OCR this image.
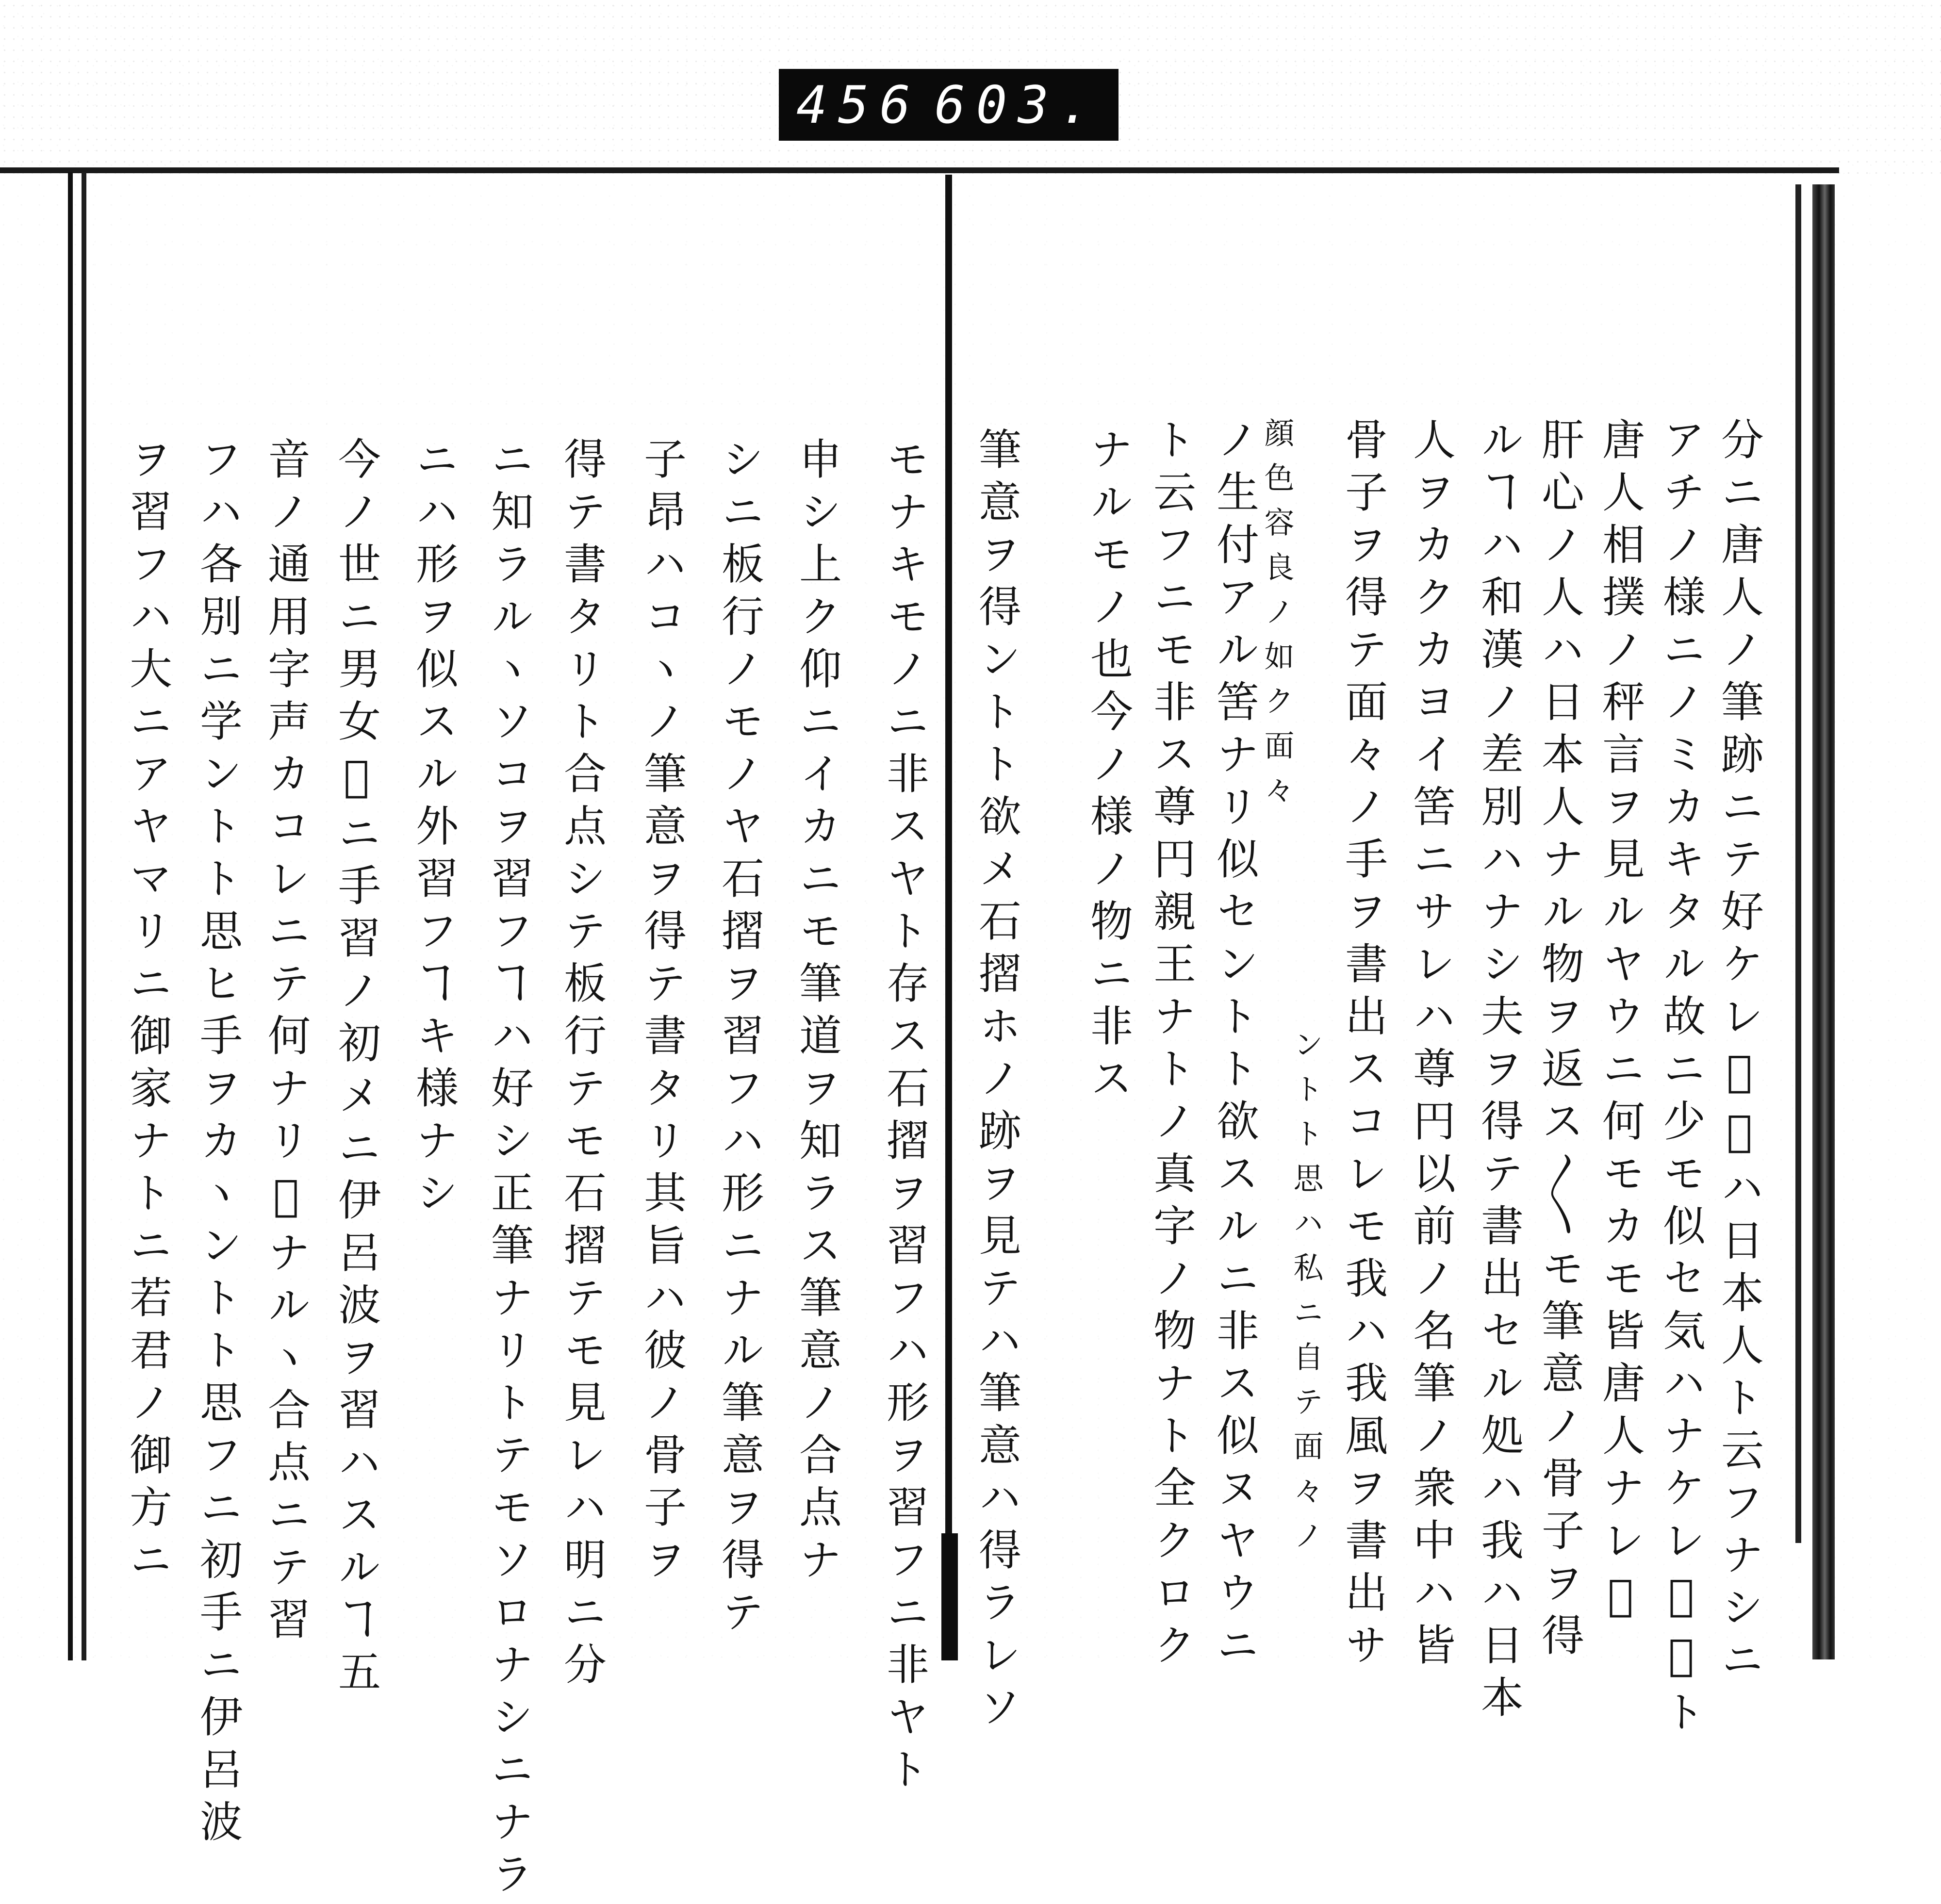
456 603.
分ニ唐人ノ筆跡ニテ好ケレ𪜈我ハ日本人ト云フナシニ
アチノ様ニノミカキタル故ニ少モ似セ気ハナケレ𪜈丁ト
唐人相撲ノ秤言ヲ見ルヤウニ何モカモ皆唐人ナレ𪜈
肝心ノ人ハ日本人ナル物ヲ返ス〳〵モ筆意ノ骨子ヲ得
ルヿハ和漢ノ差別ハナシ夫ヲ得テ書出セル処ハ我ハ日本
人ヲカクカヨイ筈ニサレハ尊円以前ノ名筆ノ衆中ハ皆
骨子ヲ得テ面々ノ手ヲ書出スコレモ我ハ我風ヲ書出サ
ントト思ハ私ニ自テ面々ノ
顔色容良ノ如ク面々
ノ生付アル筈ナリ似セントト欲スルニ非ス似ヌヤウニ
ト云フニモ非ス尊円親王ナトノ真字ノ物ナト全クロク
ナルモノ也今ノ様ノ物ニ非ス
筆意ヲ得ントト欲メ石摺ホノ跡ヲ見テハ筆意ハ得ラレソ
モナキモノニ非スヤト存ス石摺ヲ習フハ形ヲ習フニ非ヤト
申シ上ク仰ニイカニモ筆道ヲ知ラス筆意ノ合点ナ
シニ板行ノモノヤ石摺ヲ習フハ形ニナル筆意ヲ得テ
子昂ハコヽノ筆意ヲ得テ書タリ其旨ハ彼ノ骨子ヲ
得テ書タリト合点シテ板行テモ石摺テモ見レハ明ニ分
ニ知ラルヽソコヲ習フヿハ好シ正筆ナリトテモソロナシニナラ
ニハ形ヲ似スル外習フヿキ様ナシ
今ノ世ニ男女𪜈ニ手習ノ初メニ伊呂波ヲ習ハスルヿ五
音ノ通用字声カコレニテ何ナリ𪜈ナルヽ合点ニテ習
フハ各別ニ学ントト思ヒ手ヲカヽントト思フニ初手ニ伊呂波
ヲ習フハ大ニアヤマリニ御家ナトニ若君ノ御方ニ
